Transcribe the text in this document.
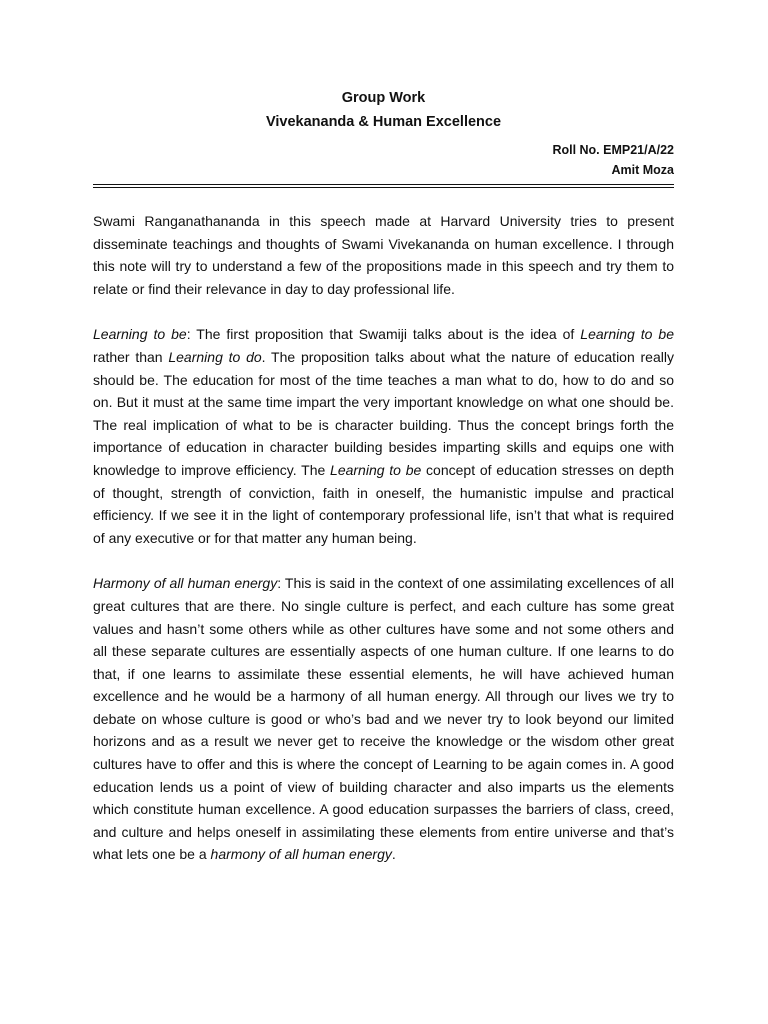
Group Work
Vivekananda & Human Excellence
Roll No. EMP21/A/22
Amit Moza

Swami Ranganathananda in this speech made at Harvard University tries to present disseminate teachings and thoughts of Swami Vivekananda on human excellence. I through this note will try to understand a few of the propositions made in this speech and try them to relate or find their relevance in day to day professional life.

Learning to be: The first proposition that Swamiji talks about is the idea of Learning to be rather than Learning to do. The proposition talks about what the nature of education really should be. The education for most of the time teaches a man what to do, how to do and so on. But it must at the same time impart the very important knowledge on what one should be. The real implication of what to be is character building. Thus the concept brings forth the importance of education in character building besides imparting skills and equips one with knowledge to improve efficiency. The Learning to be concept of education stresses on depth of thought, strength of conviction, faith in oneself, the humanistic impulse and practical efficiency. If we see it in the light of contemporary professional life, isn’t that what is required of any executive or for that matter any human being.

Harmony of all human energy: This is said in the context of one assimilating excellences of all great cultures that are there. No single culture is perfect, and each culture has some great values and hasn’t some others while as other cultures have some and not some others and all these separate cultures are essentially aspects of one human culture. If one learns to do that, if one learns to assimilate these essential elements, he will have achieved human excellence and he would be a harmony of all human energy. All through our lives we try to debate on whose culture is good or who’s bad and we never try to look beyond our limited horizons and as a result we never get to receive the knowledge or the wisdom other great cultures have to offer and this is where the concept of Learning to be again comes in. A good education lends us a point of view of building character and also imparts us the elements which constitute human excellence. A good education surpasses the barriers of class, creed, and culture and helps oneself in assimilating these elements from entire universe and that’s what lets one be a harmony of all human energy.
